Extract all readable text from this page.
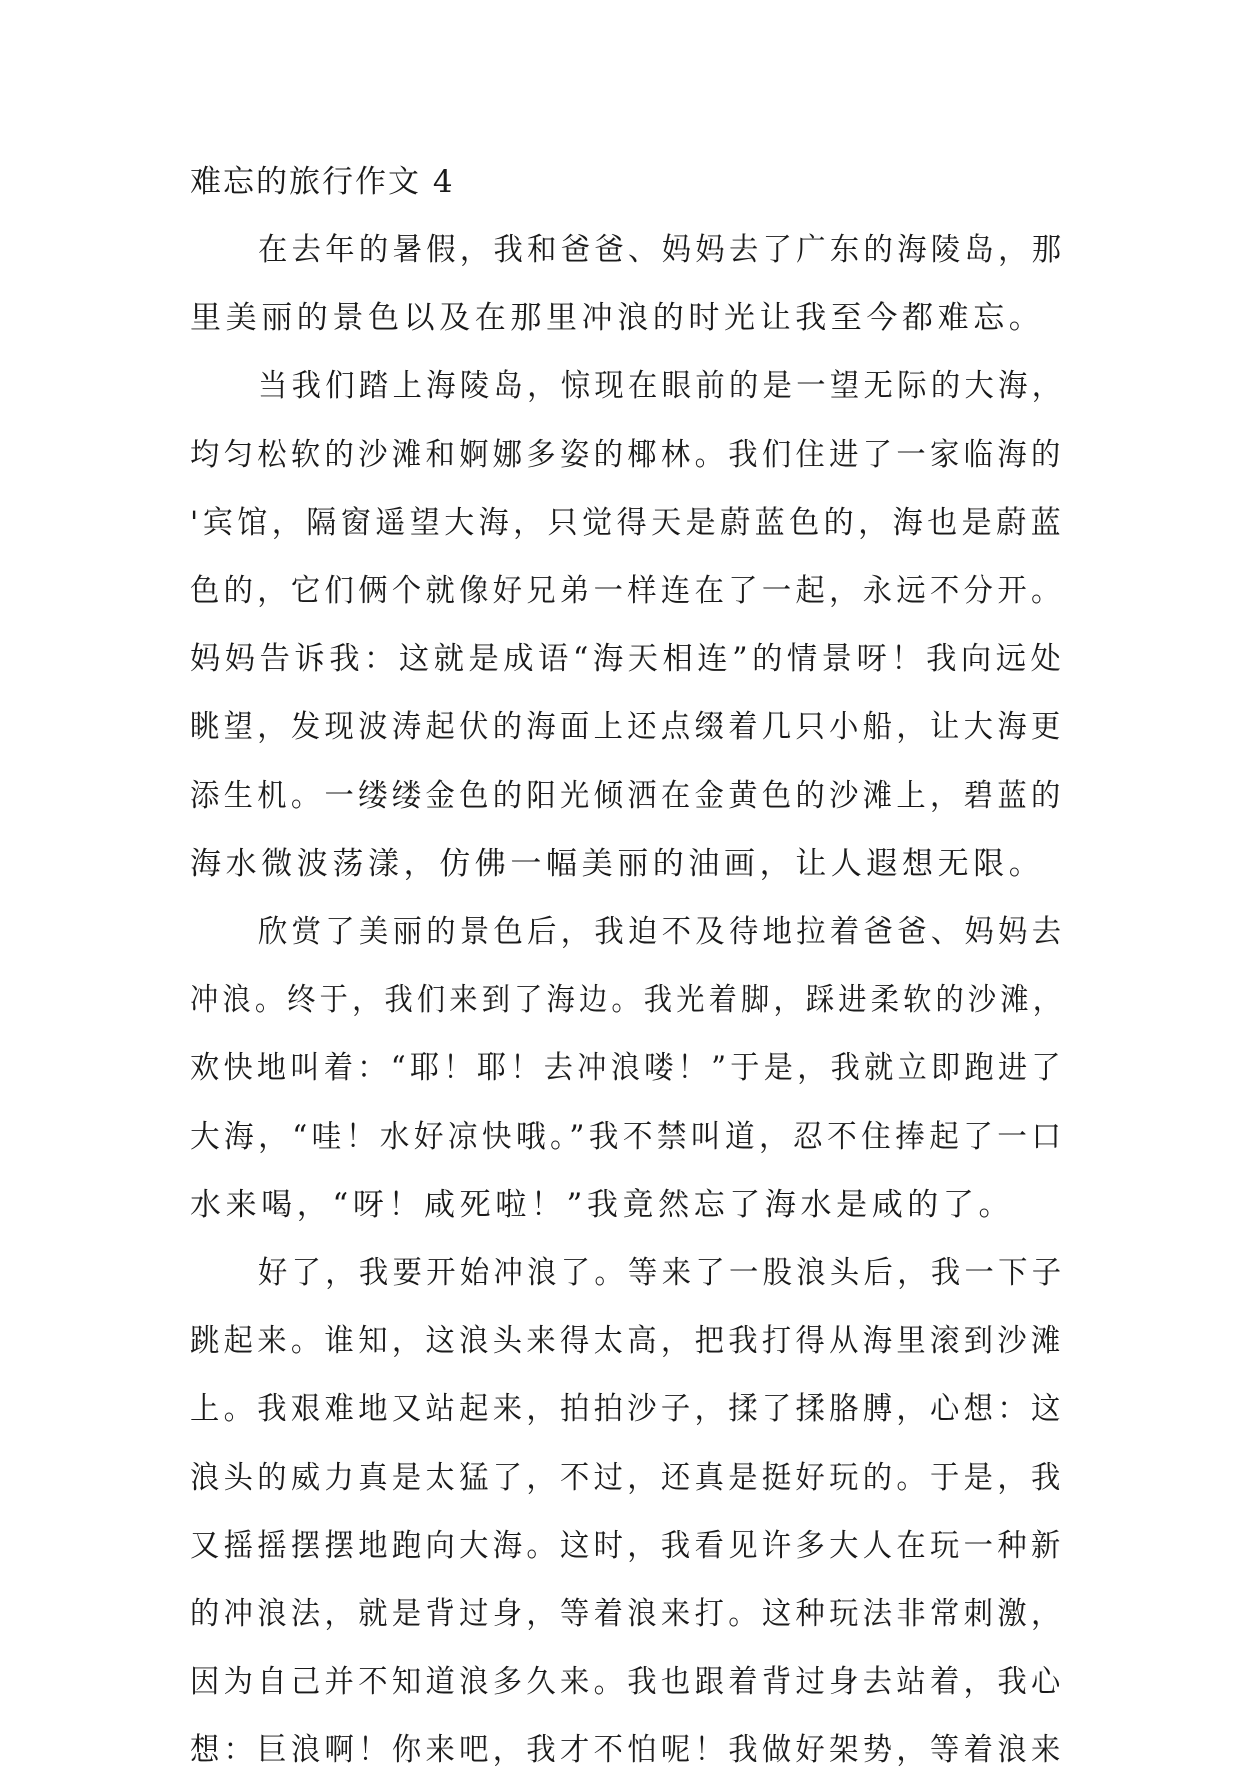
难忘的旅行作文 4
在去年的暑假，我和爸爸、妈妈去了广东的海陵岛，那
里美丽的景色以及在那里冲浪的时光让我至今都难忘。
当我们踏上海陵岛，惊现在眼前的是一望无际的大海，
均匀松软的沙滩和婀娜多姿的椰林。我们住进了一家临海的
'宾馆，隔窗遥望大海，只觉得天是蔚蓝色的，海也是蔚蓝
色的，它们俩个就像好兄弟一样连在了一起，永远不分开。
妈妈告诉我：这就是成语“海天相连”的情景呀！我向远处
眺望，发现波涛起伏的海面上还点缀着几只小船，让大海更
添生机。一缕缕金色的阳光倾洒在金黄色的沙滩上，碧蓝的
海水微波荡漾，仿佛一幅美丽的油画，让人遐想无限。
欣赏了美丽的景色后，我迫不及待地拉着爸爸、妈妈去
冲浪。终于，我们来到了海边。我光着脚，踩进柔软的沙滩，
欢快地叫着：“耶！耶！去冲浪喽！”于是，我就立即跑进了
大海，“哇！水好凉快哦。”我不禁叫道，忍不住捧起了一口
水来喝，“呀！咸死啦！”我竟然忘了海水是咸的了。
好了，我要开始冲浪了。等来了一股浪头后，我一下子
跳起来。谁知，这浪头来得太高，把我打得从海里滚到沙滩
上。我艰难地又站起来，拍拍沙子，揉了揉胳膊，心想：这
浪头的威力真是太猛了，不过，还真是挺好玩的。于是，我
又摇摇摆摆地跑向大海。这时，我看见许多大人在玩一种新
的冲浪法，就是背过身，等着浪来打。这种玩法非常刺激，
因为自己并不知道浪多久来。我也跟着背过身去站着，我心
想：巨浪啊！你来吧，我才不怕呢！我做好架势，等着浪来
